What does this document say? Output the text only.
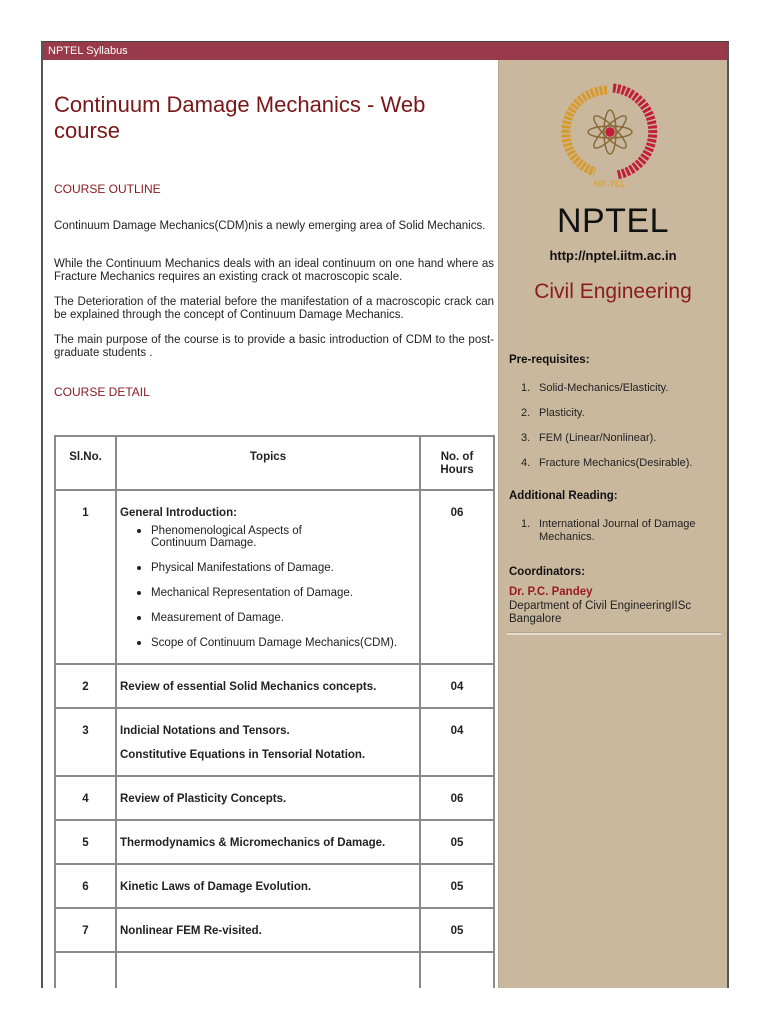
NPTEL Syllabus
Continuum Damage Mechanics - Web course
COURSE OUTLINE

Continuum Damage Mechanics(CDM)nis a newly emerging area of Solid Mechanics.

While the Continuum Mechanics deals with an ideal continuum on one hand where as Fracture Mechanics requires an existing crack ot macroscopic scale.

The Deterioration of the material before the manifestation of a macroscopic crack can be explained through the concept of Continuum Damage Mechanics.

The main purpose of the course is to provide a basic introduction of CDM to the post-graduate students .

COURSE DETAIL
Sl.No.	Topics	No. of Hours
1	General Introduction:
Phenomenological Aspects of Continuum Damage.
Physical Manifestations of Damage.
Mechanical Representation of Damage.
Measurement of Damage.
Scope of Continuum Damage Mechanics(CDM).
	06
2	Review of essential Solid Mechanics concepts.	04
3	Indicial Notations and Tensors.
Constitutive Equations in Tensorial Notation.	04
4	Review of Plasticity Concepts.	06
5	Thermodynamics & Micromechanics of Damage.	05
6	Kinetic Laws of Damage Evolution.	05
7	Nonlinear FEM Re-visited.	05

NP-TEL
NPTEL
http://nptel.iitm.ac.in
Civil Engineering
Pre-requisites:
1. Solid-Mechanics/Elasticity.
2. Plasticity.
3. FEM (Linear/Nonlinear).
4. Fracture Mechanics(Desirable).
Additional Reading:
1. International Journal of Damage Mechanics.
Coordinators:
Dr. P.C. Pandey
Department of Civil EngineeringIISc Bangalore
